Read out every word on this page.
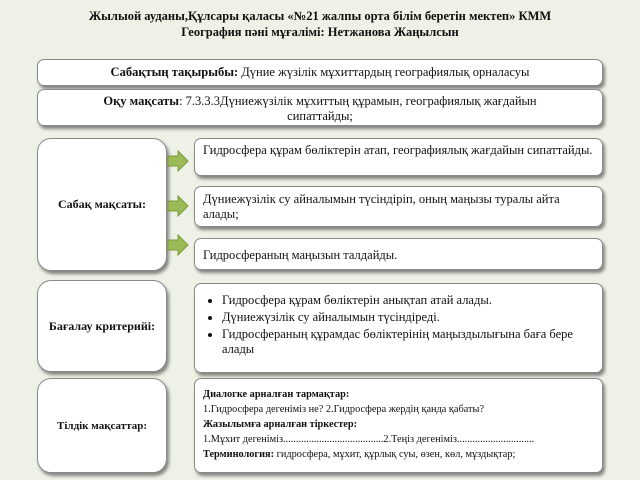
Жылыой ауданы,Құлсары қаласы «№21 жалпы орта білім беретін мектеп» КММ
География пәні мұғалімі: Нетжанова Жаңылсын
Сабақтың тақырыбы: Дүние жүзілік мұхиттардың географиялық орналасуы
Оқу мақсаты: 7.3.3.3Дүниежүзілік мұхиттың құрамын, географиялық жағдайын сипаттайды;
Сабақ мақсаты:
Гидросфера құрам бөліктерін атап, географиялық жағдайын сипаттайды.
Дүниежүзілік су айналымын түсіндіріп, оның маңызы туралы айта алады;
Гидросфераның маңызын талдайды.
Бағалау критерийі:
• Гидросфера құрам бөліктерін анықтап атай алады.
• Дүниежүзілік су айналымын түсіндіреді.
• Гидросфераның құрамдас бөліктерінің маңыздылығына баға бере алады
Тілдік мақсаттар:
Диалогке арналған тармақтар:
1.Гидросфера дегеніміз не? 2.Гидросфера жердің қанда қабаты?
Жазылымға арналған тіркестер:
1.Мұхит дегеніміз.......................................2.Теңіз дегеніміз..............................
Терминология: гидросфера, мұхит, құрлық суы, өзен, көл, мұздықтар;
